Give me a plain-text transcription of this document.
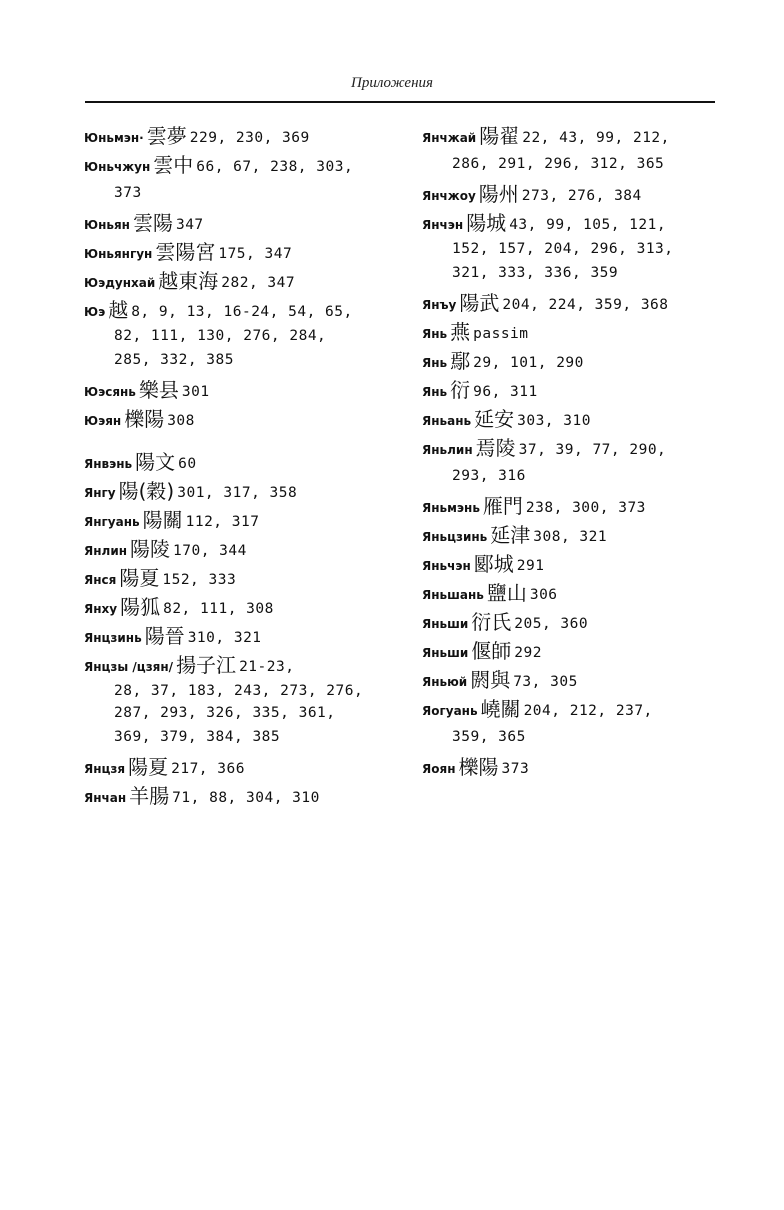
Приложения
Юньмэн· 雲夢 229, 230, 369
Юньчжун 雲中 66, 67, 238, 303,
373
Юньян 雲陽 347
Юньянгун 雲陽宮 175, 347
Юэдунхай 越東海 282, 347
Юэ 越 8, 9, 13, 16-24, 54, 65,
82, 111, 130, 276, 284,
285, 332, 385
Юэсянь 樂县 301
Юэян 櫟陽 308
Янвэнь 陽文 60
Янгу 陽(穀) 301, 317, 358
Янгуань 陽關 112, 317
Янлин 陽陵 170, 344
Янся 陽夏 152, 333
Янху 陽狐 82, 111, 308
Янцзинь 陽晉 310, 321
Янцзы /цзян/ 揚子江 21-23,
28, 37, 183, 243, 273, 276,
287, 293, 326, 335, 361,
369, 379, 384, 385
Янцзя 陽夏 217, 366
Янчан 羊腸 71, 88, 304, 310
Янчжай 陽翟 22, 43, 99, 212,
286, 291, 296, 312, 365
Янчжоу 陽州 273, 276, 384
Янчэн 陽城 43, 99, 105, 121,
152, 157, 204, 296, 313,
321, 333, 336, 359
Янъу 陽武 204, 224, 359, 368
Янь 燕 passim
Янь 鄢 29, 101, 290
Янь 衍 96, 311
Яньань 延安 303, 310
Яньлин 焉陵 37, 39, 77, 290,
293, 316
Яньмэнь 雁門 238, 300, 373
Яньцзинь 延津 308, 321
Яньчэн 郾城 291
Яньшань 鹽山 306
Яньши 衍氏 205, 360
Яньши 偃師 292
Яньюй 閼與 73, 305
Яогуань 嶢關 204, 212, 237,
359, 365
Яоян 櫟陽 373
